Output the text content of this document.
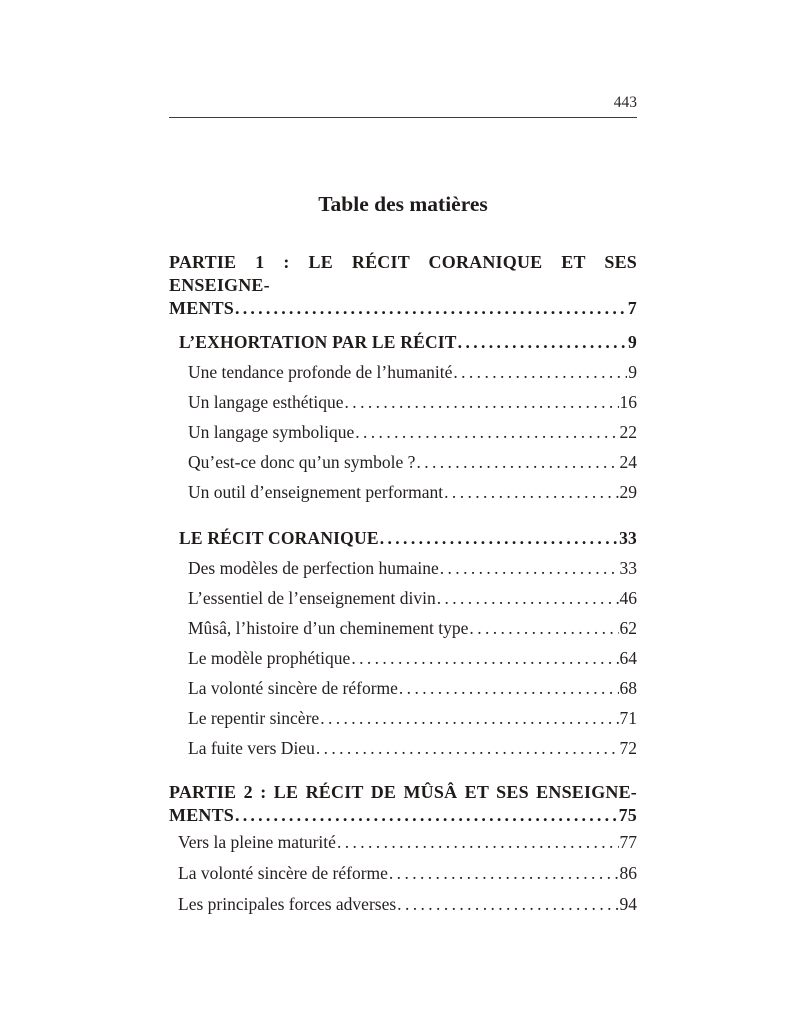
443
Table des matières
PARTIE 1 : LE RÉCIT CORANIQUE ET SES ENSEIGNE-
MENTS .....	7
L’EXHORTATION PAR LE RÉCIT .....	9
Une tendance profonde de l’humanité .....	9
Un langage esthétique .....	16
Un langage symbolique .....	22
Qu’est-ce donc qu’un symbole ? .....	24
Un outil d’enseignement performant .....	29
LE RÉCIT CORANIQUE .....	33
Des modèles de perfection humaine .....	33
L’essentiel de l’enseignement divin .....	46
Mûsâ, l’histoire d’un cheminement type .....	62
Le modèle prophétique .....	64
La volonté sincère de réforme .....	68
Le repentir sincère .....	71
La fuite vers Dieu .....	72
PARTIE 2 : LE RÉCIT DE MÛSÂ ET SES ENSEIGNE-
MENTS .....	75
Vers la pleine maturité .....	77
La volonté sincère de réforme .....	86
Les principales forces adverses .....	94
